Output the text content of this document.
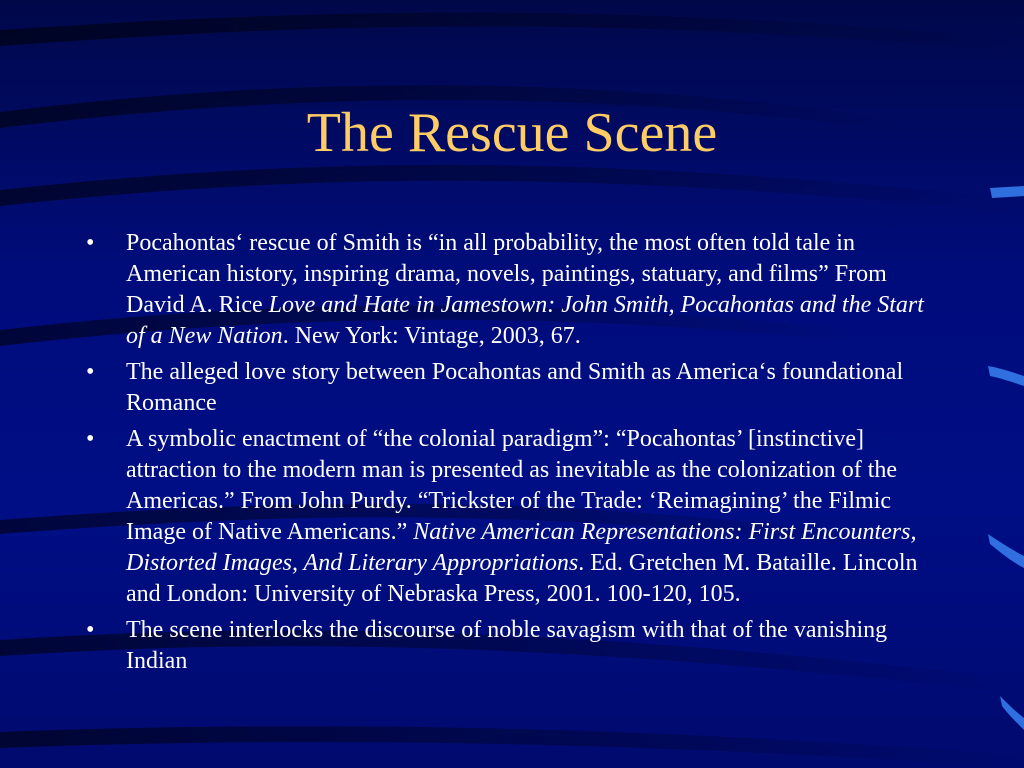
The Rescue Scene
•	Pocahontas‘ rescue of Smith is “in all probability, the most often told tale in American history, inspiring drama, novels, paintings, statuary, and films” From David A. Rice Love and Hate in Jamestown: John Smith, Pocahontas and the Start of a New Nation. New York: Vintage, 2003, 67.
•	The alleged love story between Pocahontas and Smith as America‘s foundational Romance
•	A symbolic enactment of “the colonial paradigm”: “Pocahontas’ [instinctive] attraction to the modern man is presented as inevitable as the colonization of the Americas.” From John Purdy. “Trickster of the Trade: ‘Reimagining’ the Filmic Image of Native Americans.” Native American Representations: First Encounters, Distorted Images, And Literary Appropriations. Ed. Gretchen M. Bataille. Lincoln and London: University of Nebraska Press, 2001. 100-120, 105.
•	The scene interlocks the discourse of noble savagism with that of the vanishing Indian
